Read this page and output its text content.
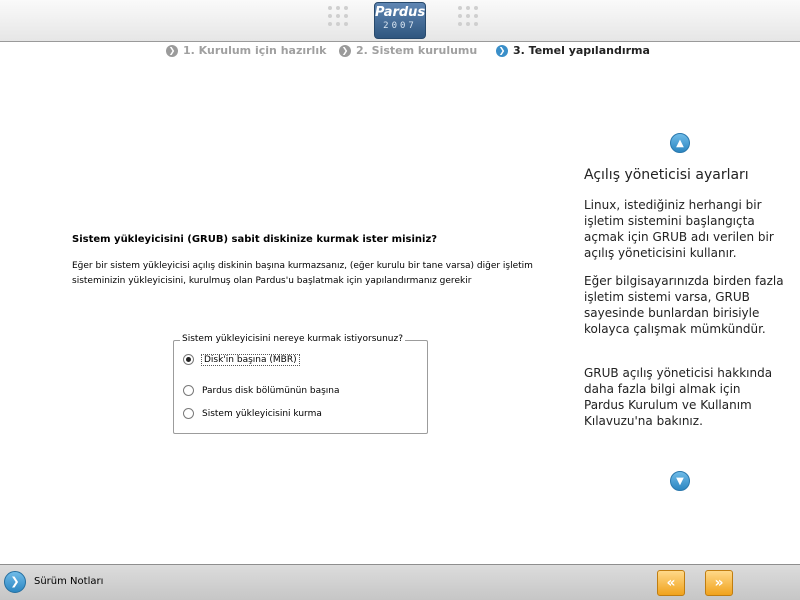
Pardus
2007
❯ 1. Kurulum için hazırlık	❯ 2. Sistem kurulumu	❯ 3. Temel yapılandırma
Sistem yükleyicisini (GRUB) sabit diskinize kurmak ister misiniz?
Eğer bir sistem yükleyicisi açılış diskinin başına kurmazsanız, (eğer kurulu bir tane varsa) diğer işletim sisteminizin yükleyicisini, kurulmuş olan Pardus'u başlatmak için yapılandırmanız gerekir
Sistem yükleyicisini nereye kurmak istiyorsunuz?
Disk'in başına (MBR)
Pardus disk bölümünün başına
Sistem yükleyicisini kurma
▲
Açılış yöneticisi ayarları
Linux, istediğiniz herhangi bir işletim sistemini başlangıçta açmak için GRUB adı verilen bir açılış yöneticisini kullanır.
Eğer bilgisayarınızda birden fazla işletim sistemi varsa, GRUB sayesinde bunlardan birisiyle kolayca çalışmak mümkündür.
GRUB açılış yöneticisi hakkında daha fazla bilgi almak için Pardus Kurulum ve Kullanım Kılavuzu'na bakınız.
▼
❯	Sürüm Notları	«	»
